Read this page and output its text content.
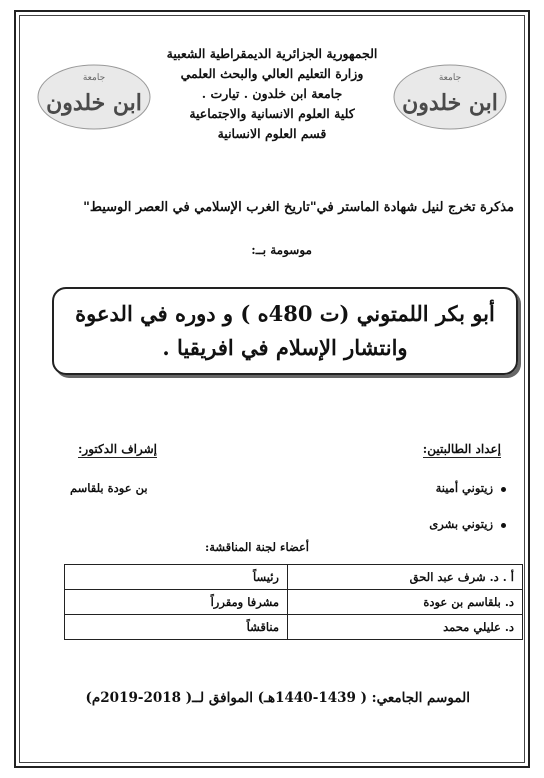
جامعة
ابن خلدون
جامعة
ابن خلدون
الجمهورية الجزائرية الديمقراطية الشعبية
وزارة التعليم العالي والبحث العلمي
جامعة ابن خلدون . تيارت .
كلية العلوم الانسانية والاجتماعية
قسم العلوم الانسانية
مذكرة تخرج لنيل شهادة الماستر في"تاريخ الغرب الإسلامي في العصر الوسيط"
موسومة بــ:
أبو بكر اللمتوني (ت 480ه ) و دوره في الدعوة
وانتشار الإسلام في افريقيا .
إعداد الطالبتين:
إشراف الدكتور:
زيتوني أمينة
زيتوني بشرى
بن عودة بلقاسم
أعضاء لجنة المناقشة:
أ . د. شرف عبد الحق	رئيساً
د. بلقاسم بن عودة	مشرفا ومقرراً
د. عليلي محمد	مناقشاً
الموسم الجامعي: ( 1439-1440هـ) الموافق لــ( 2018-2019م)
